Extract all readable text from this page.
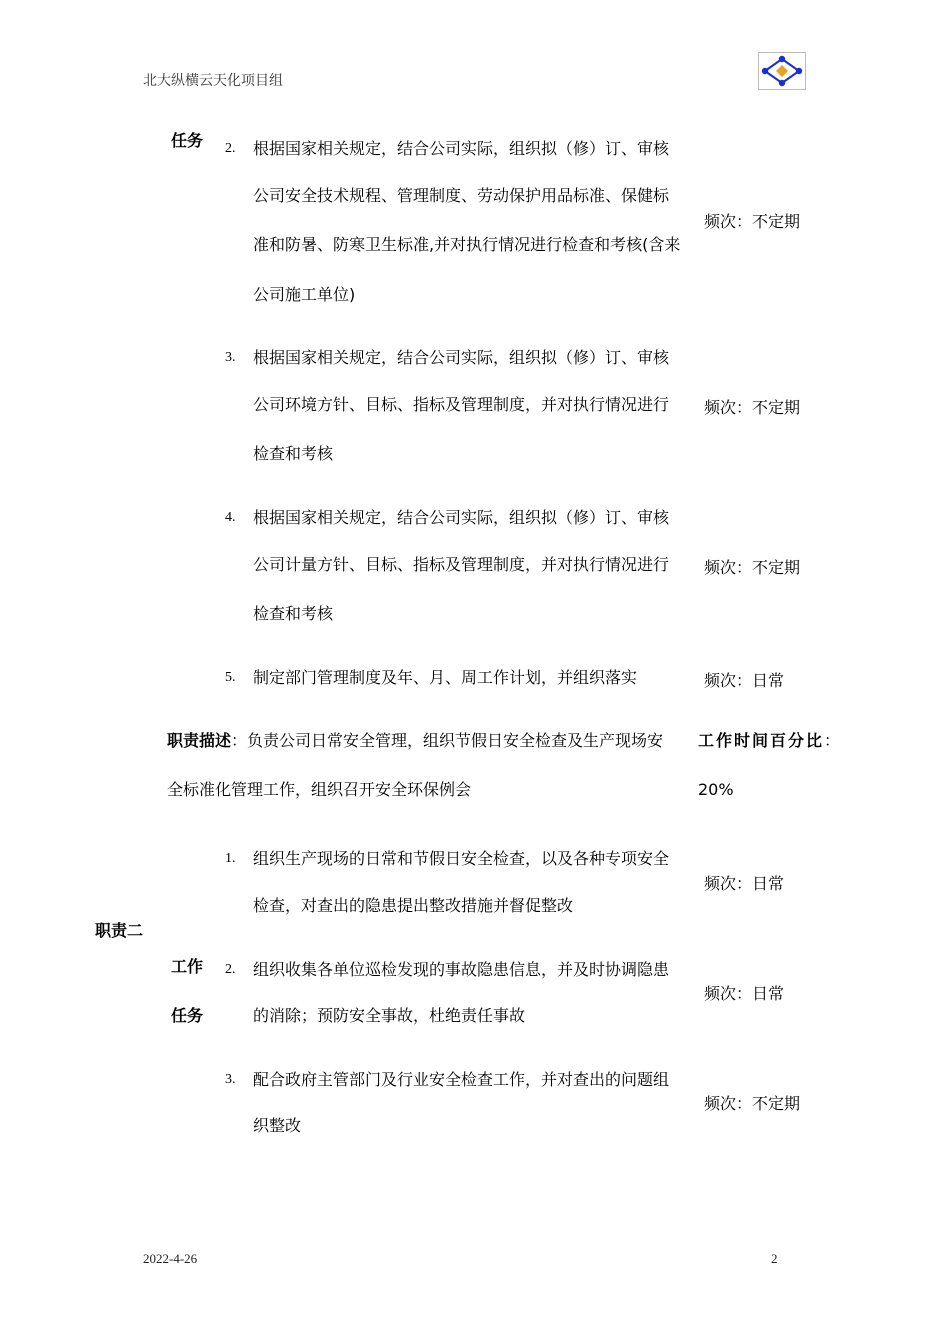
北大纵横云天化项目组
任务 2. 根据国家相关规定，结合公司实际，组织拟（修）订、审核
公司安全技术规程、管理制度、劳动保护用品标准、保健标
准和防暑、防寒卫生标准,并对执行情况进行检查和考核(含来
公司施工单位)
频次：不定期
3. 根据国家相关规定，结合公司实际，组织拟（修）订、审核
公司环境方针、目标、指标及管理制度，并对执行情况进行
检查和考核
频次：不定期
4. 根据国家相关规定，结合公司实际，组织拟（修）订、审核
公司计量方针、目标、指标及管理制度，并对执行情况进行
检查和考核
频次：不定期
5. 制定部门管理制度及年、月、周工作计划，并组织落实	频次：日常
职责描述：负责公司日常安全管理，组织节假日安全检查及生产现场安
全标准化管理工作，组织召开安全环保例会
工作时间百分比：
20%
职责二
工作
任务
1. 组织生产现场的日常和节假日安全检查，以及各种专项安全
检查，对查出的隐患提出整改措施并督促整改
频次：日常
2. 组织收集各单位巡检发现的事故隐患信息，并及时协调隐患
的消除；预防安全事故，杜绝责任事故
频次：日常
3. 配合政府主管部门及行业安全检查工作，并对查出的问题组
织整改
频次：不定期
2022-4-26	2
